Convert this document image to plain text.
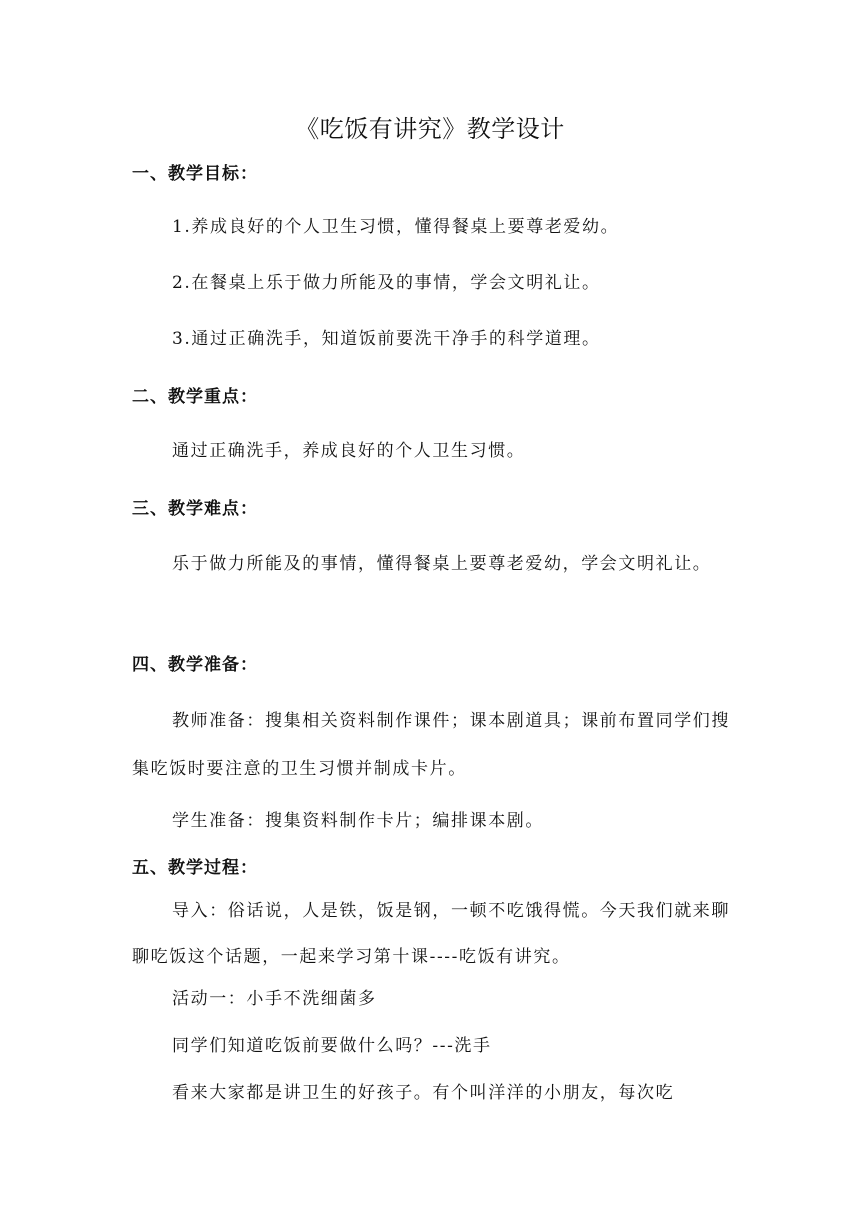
《吃饭有讲究》教学设计
一、教学目标：
1.养成良好的个人卫生习惯，懂得餐桌上要尊老爱幼。
2.在餐桌上乐于做力所能及的事情，学会文明礼让。
3.通过正确洗手，知道饭前要洗干净手的科学道理。
二、教学重点：
通过正确洗手，养成良好的个人卫生习惯。
三、教学难点：
乐于做力所能及的事情，懂得餐桌上要尊老爱幼，学会文明礼让。
四、教学准备：
教师准备：搜集相关资料制作课件；课本剧道具；课前布置同学们搜集吃饭时要注意的卫生习惯并制成卡片。
学生准备：搜集资料制作卡片；编排课本剧。
五、教学过程：
导入：俗话说，人是铁，饭是钢，一顿不吃饿得慌。今天我们就来聊聊吃饭这个话题，一起来学习第十课----吃饭有讲究。
活动一：小手不洗细菌多
同学们知道吃饭前要做什么吗？---洗手
看来大家都是讲卫生的好孩子。有个叫洋洋的小朋友，每次吃
